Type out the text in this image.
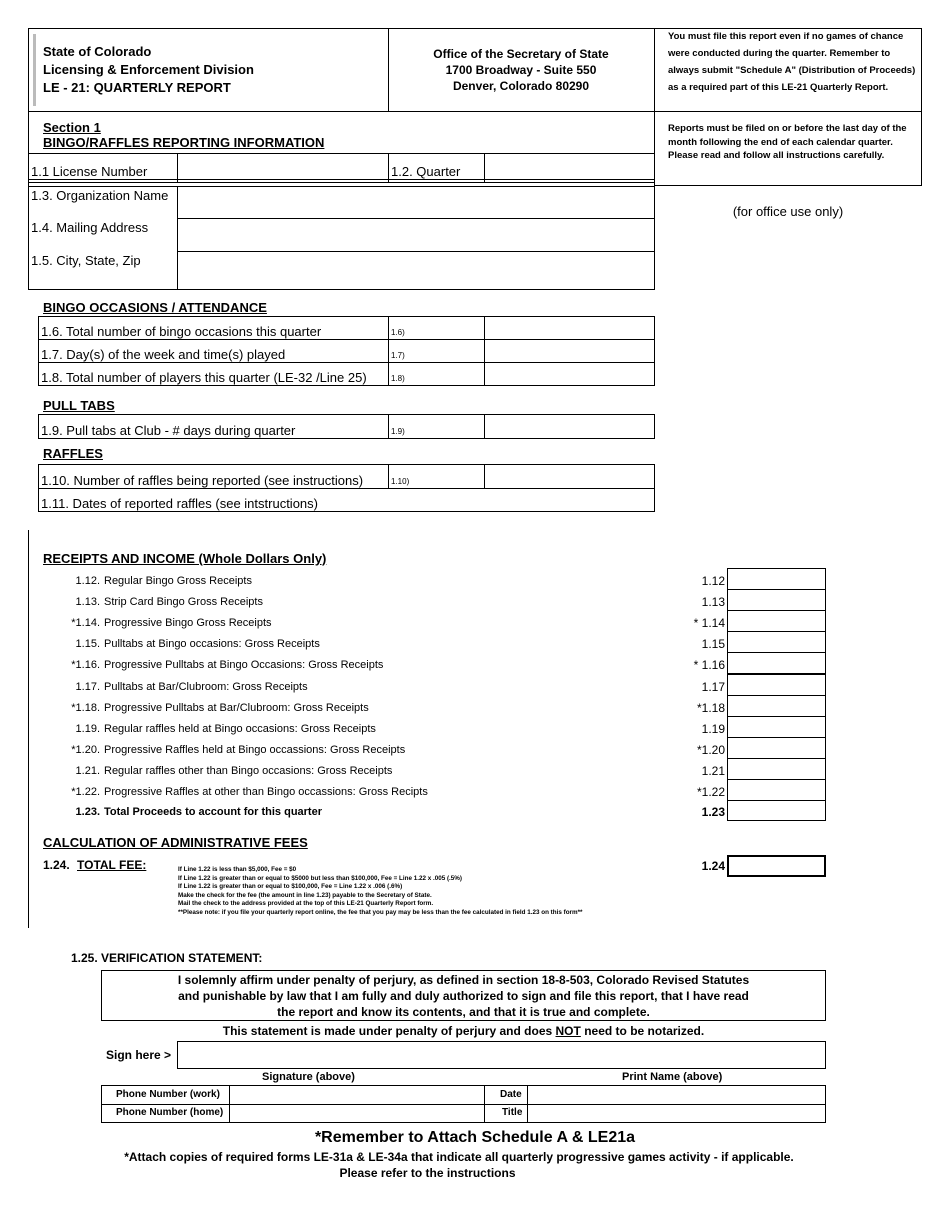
State of Colorado
Licensing & Enforcement Division
LE - 21: QUARTERLY REPORT
Office of the Secretary of State
1700 Broadway - Suite 550
Denver, Colorado 80290
You must file this report even if no games of chance were conducted during the quarter. Remember to always submit "Schedule A" (Distribution of Proceeds) as a required part of this LE-21 Quarterly Report.
Reports must be filed on or before the last day of the month following the end of each calendar quarter. Please read and follow all instructions carefully.
Section 1
BINGO/RAFFLES REPORTING INFORMATION
1.1 License Number	1.2. Quarter
1.3. Organization Name
1.4. Mailing Address
1.5. City, State, Zip
(for office use only)
BINGO OCCASIONS / ATTENDANCE
1.6. Total number of bingo occasions this quarter	1.6)
1.7. Day(s) of the week and time(s) played	1.7)
1.8. Total number of players this quarter (LE-32 /Line 25)	1.8)
PULL TABS
1.9. Pull tabs at Club - # days during quarter	1.9)
RAFFLES
1.10. Number of raffles being reported (see instructions)	1.10)
1.11. Dates of reported raffles (see intstructions)
RECEIPTS AND INCOME (Whole Dollars Only)
1.12. Regular Bingo Gross Receipts	1.12
1.13. Strip Card Bingo Gross Receipts	1.13
*1.14. Progressive Bingo Gross Receipts	* 1.14
1.15. Pulltabs at Bingo occasions: Gross Receipts	1.15
*1.16. Progressive Pulltabs at Bingo Occasions: Gross Receipts	* 1.16
1.17. Pulltabs at Bar/Clubroom: Gross Receipts	1.17
*1.18. Progressive Pulltabs at Bar/Clubroom: Gross Receipts	*1.18
1.19. Regular raffles held at Bingo occasions: Gross Receipts	1.19
*1.20. Progressive Raffles held at Bingo occassions: Gross Receipts	*1.20
1.21. Regular raffles other than Bingo occasions: Gross Receipts	1.21
*1.22. Progressive Raffles at other than Bingo occassions: Gross Recipts	*1.22
1.23. Total Proceeds to account for this quarter	1.23
CALCULATION OF ADMINISTRATIVE FEES
1.24. TOTAL FEE:	1.24
If Line 1.22 is less than $5,000, Fee = $0
If Line 1.22 is greater than or equal to $5000 but less than $100,000, Fee = Line 1.22 x .005 (.5%)
If Line 1.22 is greater than or equal to $100,000, Fee = Line 1.22 x .006 (.6%)
Make the check for the fee (the amount in line 1.23) payable to the Secretary of State.
Mail the check to the address provided at the top of this LE-21 Quarterly Report form.
**Please note: if you file your quarterly report online, the fee that you pay may be less than the fee calculated in field 1.23 on this form**
1.25. VERIFICATION STATEMENT:
I solemnly affirm under penalty of perjury, as defined in section 18-8-503, Colorado Revised Statutes
and punishable by law that I am fully and duly authorized to sign and file this report, that I have read
the report and know its contents, and that it is true and complete.
This statement is made under penalty of perjury and does NOT need to be notarized.
Sign here >
Signature (above)	Print Name (above)
Phone Number (work)	Date
Phone Number (home)	Title
*Remember to Attach Schedule A & LE21a
*Attach copies of required forms LE-31a & LE-34a that indicate all quarterly progressive games activity - if applicable.
Please refer to the instructions
